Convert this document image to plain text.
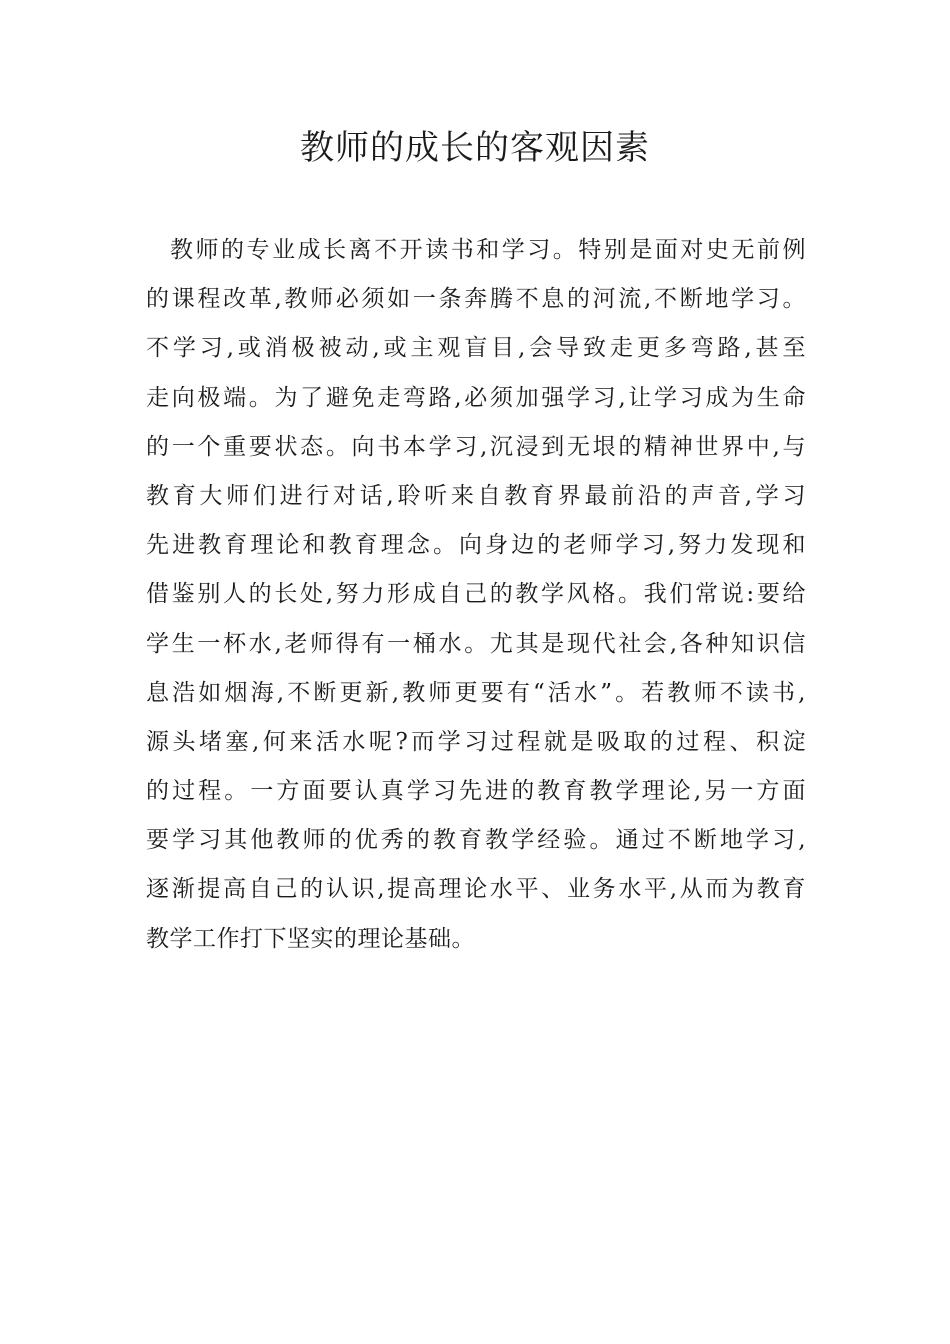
教师的成长的客观因素
教师的专业成长离不开读书和学习。特别是面对史无前例
的课程改革,教师必须如一条奔腾不息的河流,不断地学习。
不学习,或消极被动,或主观盲目,会导致走更多弯路,甚至
走向极端。为了避免走弯路,必须加强学习,让学习成为生命
的一个重要状态。向书本学习,沉浸到无垠的精神世界中,与
教育大师们进行对话,聆听来自教育界最前沿的声音,学习
先进教育理论和教育理念。向身边的老师学习,努力发现和
借鉴别人的长处,努力形成自己的教学风格。我们常说:要给
学生一杯水,老师得有一桶水。尤其是现代社会,各种知识信
息浩如烟海,不断更新,教师更要有“活水”。若教师不读书,
源头堵塞,何来活水呢?而学习过程就是吸取的过程、积淀
的过程。一方面要认真学习先进的教育教学理论,另一方面
要学习其他教师的优秀的教育教学经验。通过不断地学习,
逐渐提高自己的认识,提高理论水平、业务水平,从而为教育
教学工作打下坚实的理论基础。
